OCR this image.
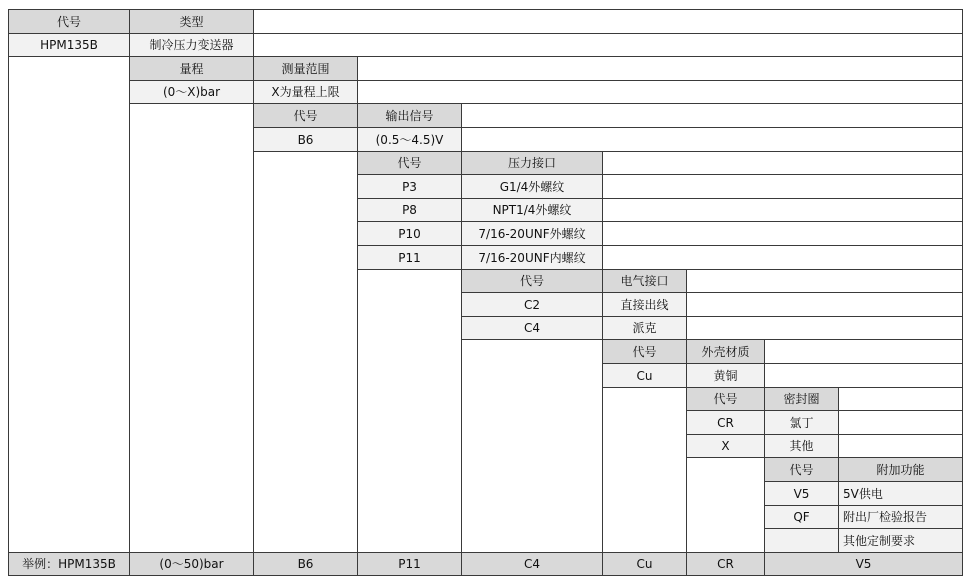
代号	类型
HPM135B	制冷压力变送器
量程	测量范围
(0～X)bar	X为量程上限
代号	输出信号
B6	(0.5～4.5)V
代号	压力接口
P3	G1/4外螺纹
P8	NPT1/4外螺纹
P10	7/16-20UNF外螺纹
P11	7/16-20UNF内螺纹
代号	电气接口
C2	直接出线
C4	派克
代号	外壳材质
Cu	黄铜
代号	密封圈
CR	氯丁
X	其他
代号	附加功能
V5	5V供电
QF	附出厂检验报告
其他定制要求
举例：HPM135B	(0～50)bar	B6	P11	C4	Cu	CR	V5
